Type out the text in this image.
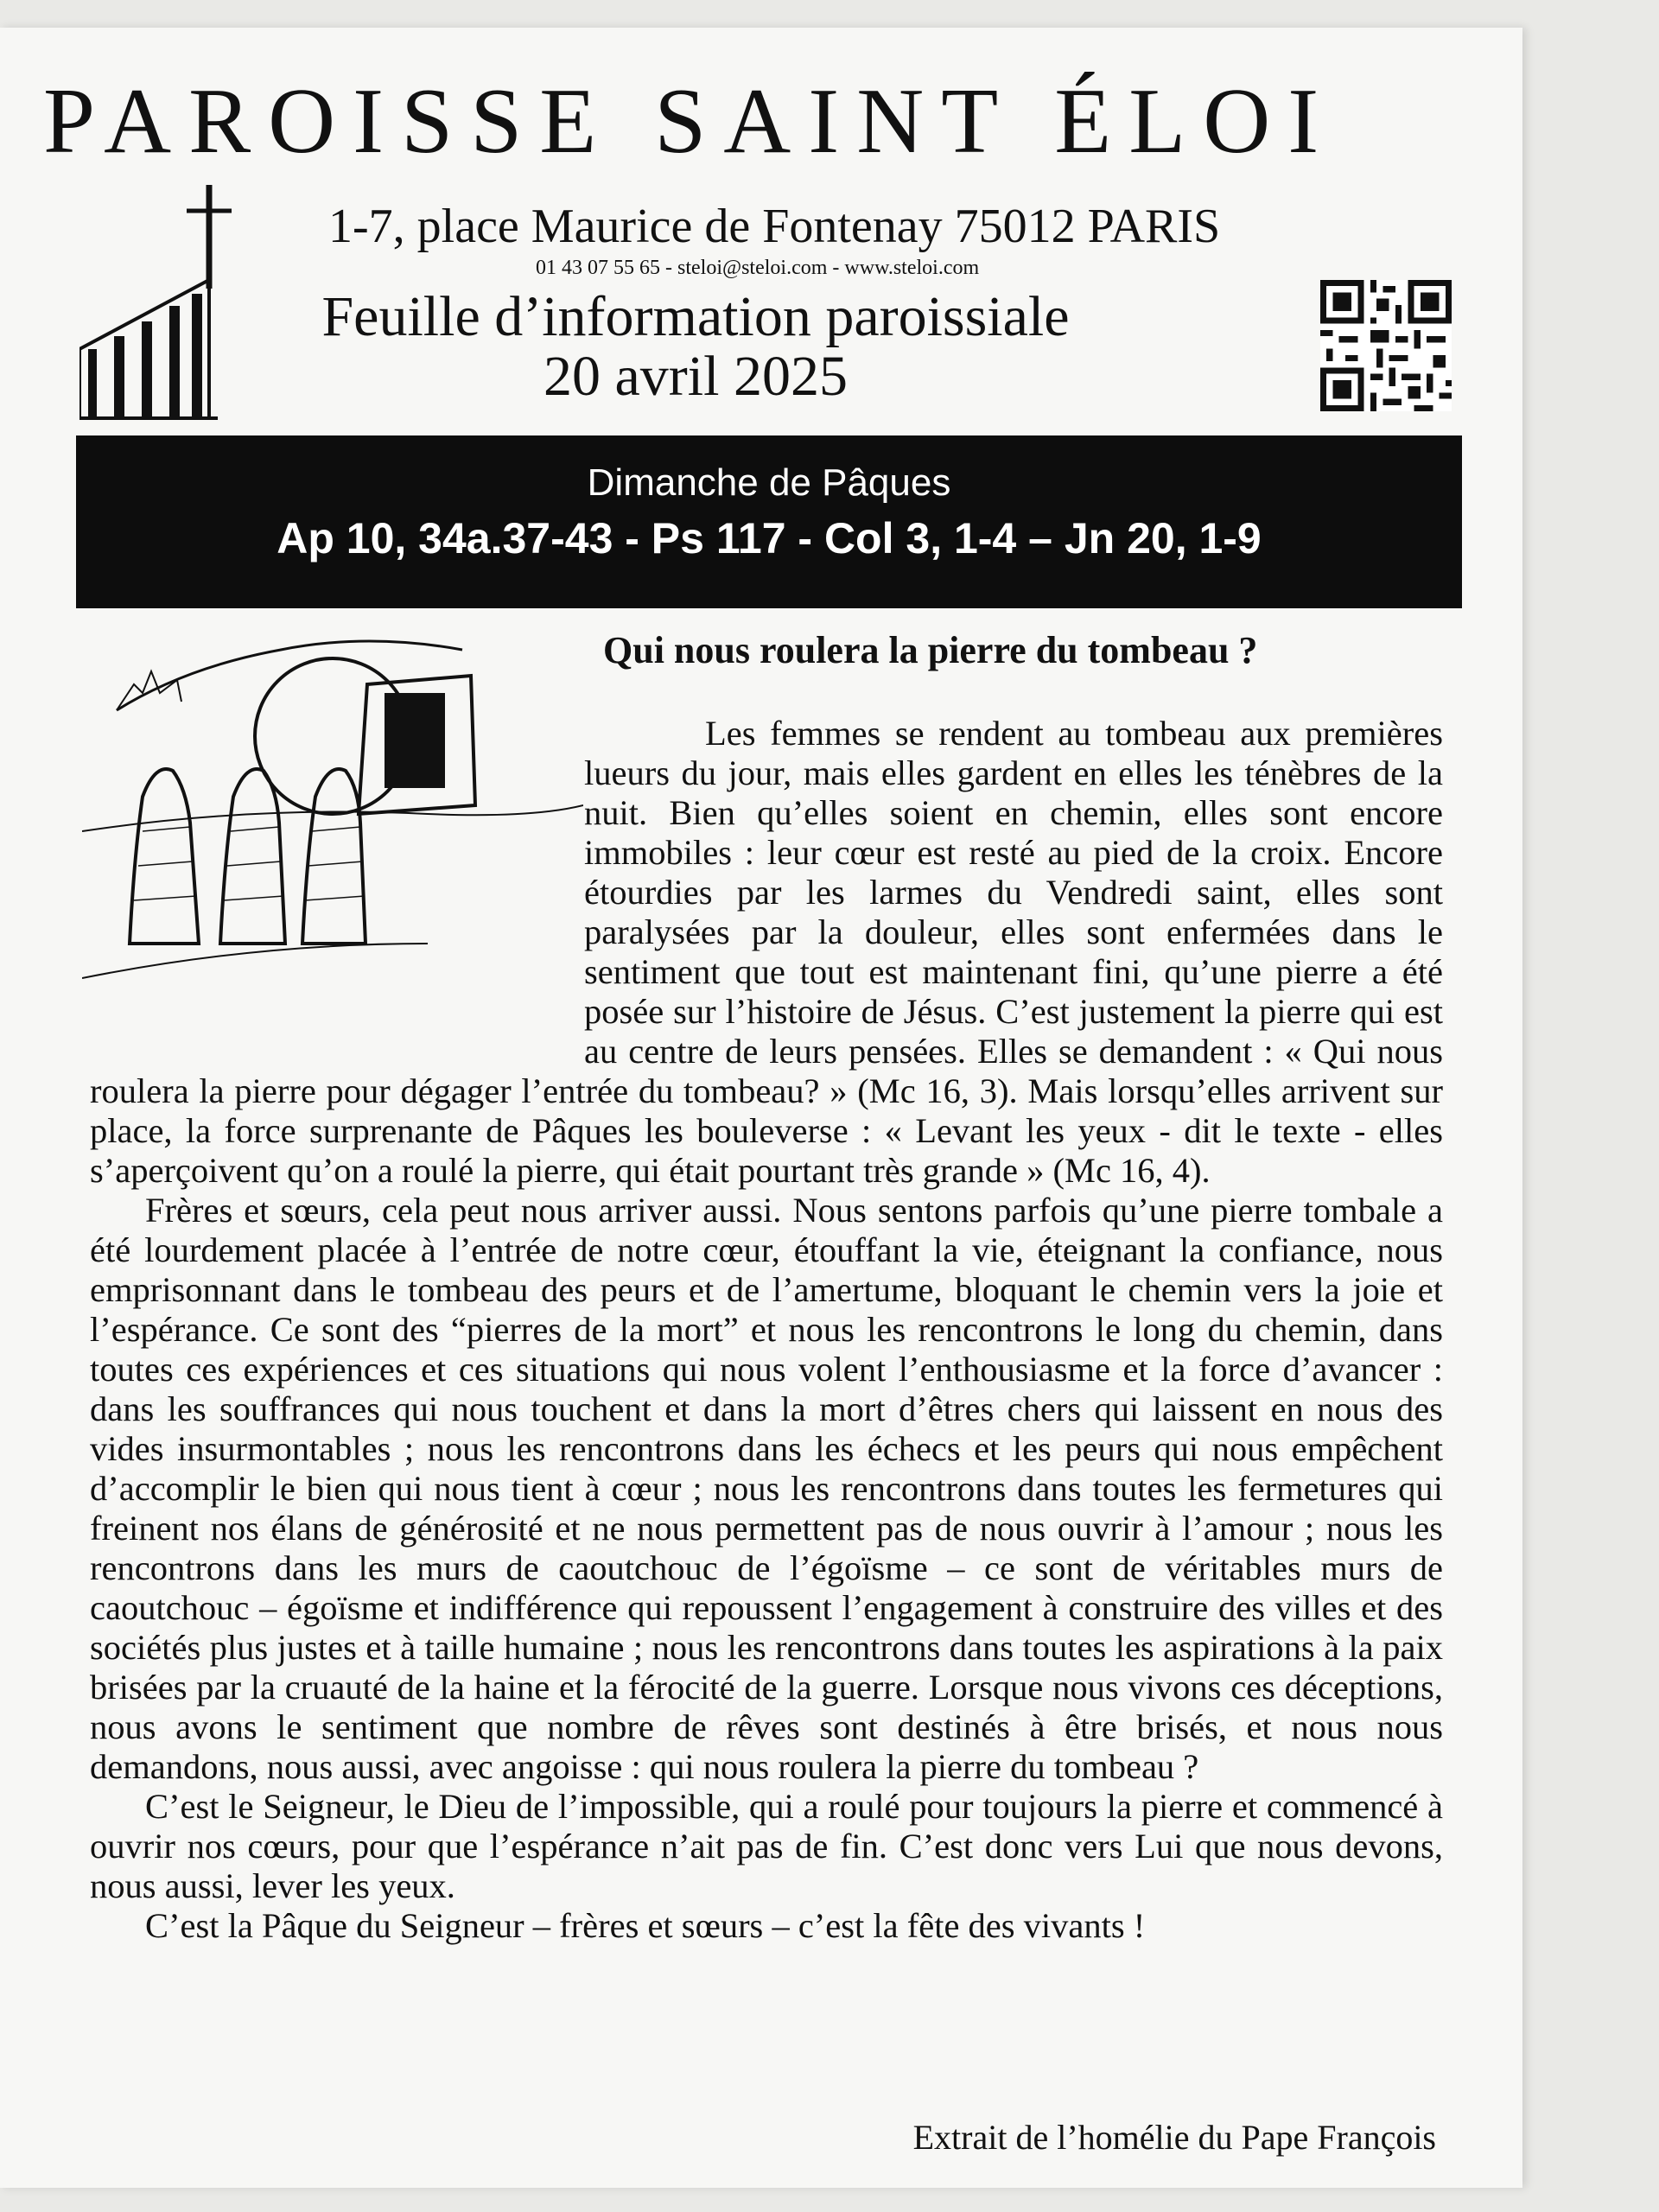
PAROISSE SAINT ÉLOI
1-7, place Maurice de Fontenay 75012 PARIS
01 43 07 55 65 - steloi@steloi.com - www.steloi.com
Feuille d’information paroissiale
20 avril 2025
Dimanche de Pâques
Ap 10, 34a.37-43 - Ps 117 - Col 3, 1-4 – Jn 20, 1-9
Qui nous roulera la pierre du tombeau ?

Les femmes se rendent au tombeau aux premières lueurs du jour, mais elles gardent en elles les ténèbres de la nuit. Bien qu’elles soient en chemin, elles sont encore immobiles : leur cœur est resté au pied de la croix. Encore étourdies par les larmes du Vendredi saint, elles sont paralysées par la douleur, elles sont enfermées dans le sentiment que tout est maintenant fini, qu’une pierre a été posée sur l’histoire de Jésus. C’est justement la pierre qui est au centre de leurs pensées. Elles se demandent : « Qui nous roulera la pierre pour dégager l’entrée du tombeau? » (Mc 16, 3). Mais lorsqu’elles arrivent sur place, la force surprenante de Pâques les bouleverse : « Levant les yeux - dit le texte - elles s’aperçoivent qu’on a roulé la pierre, qui était pourtant très grande » (Mc 16, 4).

Frères et sœurs, cela peut nous arriver aussi. Nous sentons parfois qu’une pierre tombale a été lourdement placée à l’entrée de notre cœur, étouffant la vie, éteignant la confiance, nous emprisonnant dans le tombeau des peurs et de l’amertume, bloquant le chemin vers la joie et l’espérance. Ce sont des “pierres de la mort” et nous les rencontrons le long du chemin, dans toutes ces expériences et ces situations qui nous volent l’enthousiasme et la force d’avancer : dans les souffrances qui nous touchent et dans la mort d’êtres chers qui laissent en nous des vides insurmontables ; nous les rencontrons dans les échecs et les peurs qui nous empêchent d’accomplir le bien qui nous tient à cœur ; nous les rencontrons dans toutes les fermetures qui freinent nos élans de générosité et ne nous permettent pas de nous ouvrir à l’amour ; nous les rencontrons dans les murs de caoutchouc de l’égoïsme – ce sont de véritables murs de caoutchouc – égoïsme et indifférence qui repoussent l’engagement à construire des villes et des sociétés plus justes et à taille humaine ; nous les rencontrons dans toutes les aspirations à la paix brisées par la cruauté de la haine et la férocité de la guerre. Lorsque nous vivons ces déceptions, nous avons le sentiment que nombre de rêves sont destinés à être brisés, et nous nous demandons, nous aussi, avec angoisse : qui nous roulera la pierre du tombeau ?

C’est le Seigneur, le Dieu de l’impossible, qui a roulé pour toujours la pierre et commencé à ouvrir nos cœurs, pour que l’espérance n’ait pas de fin. C’est donc vers Lui que nous devons, nous aussi, lever les yeux.

C’est la Pâque du Seigneur – frères et sœurs – c’est la fête des vivants !

Extrait de l’homélie du Pape François
